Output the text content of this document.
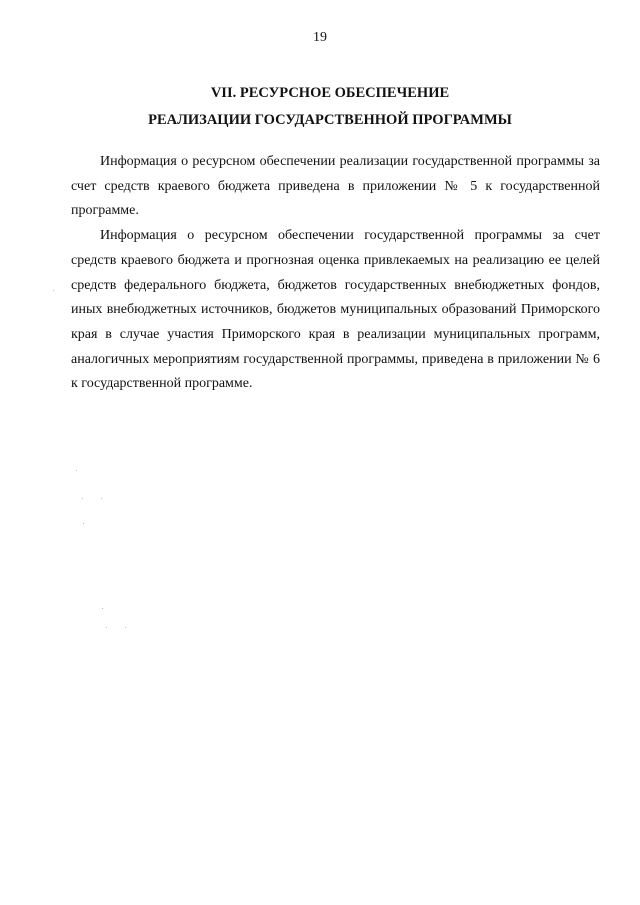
19
VII. РЕСУРСНОЕ ОБЕСПЕЧЕНИЕ
РЕАЛИЗАЦИИ ГОСУДАРСТВЕННОЙ ПРОГРАММЫ

Информация о ресурсном обеспечении реализации государственной программы за счет средств краевого бюджета приведена в приложении № 5 к государственной программе.

Информация о ресурсном обеспечении государственной программы за счет средств краевого бюджета и прогнозная оценка привлекаемых на реализацию ее целей средств федерального бюджета, бюджетов государственных внебюджетных фондов, иных внебюджетных источников, бюджетов муниципальных образований Приморского края в случае участия Приморского края в реализации муниципальных программ, аналогичных мероприятиям государственной программы, приведена в приложении № 6 к государственной программе.
